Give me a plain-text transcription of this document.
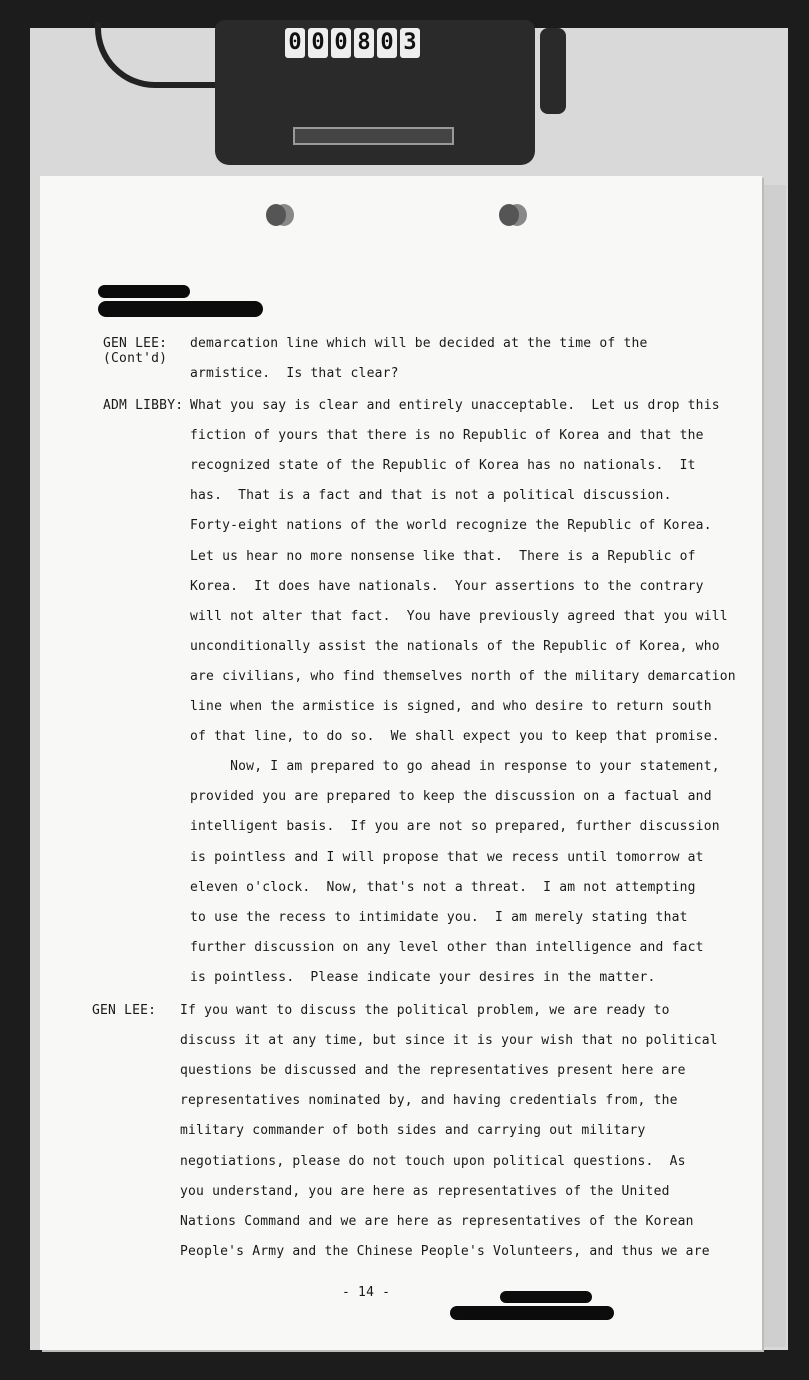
0 0 0 8 0 3
GEN LEE:
(Cont'd)
demarcation line which will be decided at the time of the
armistice.  Is that clear?
ADM LIBBY: What you say is clear and entirely unacceptable.  Let us drop this
fiction of yours that there is no Republic of Korea and that the
recognized state of the Republic of Korea has no nationals.  It
has.  That is a fact and that is not a political discussion.
Forty-eight nations of the world recognize the Republic of Korea.
Let us hear no more nonsense like that.  There is a Republic of
Korea.  It does have nationals.  Your assertions to the contrary
will not alter that fact.  You have previously agreed that you will
unconditionally assist the nationals of the Republic of Korea, who
are civilians, who find themselves north of the military demarcation
line when the armistice is signed, and who desire to return south
of that line, to do so.  We shall expect you to keep that promise.
Now, I am prepared to go ahead in response to your statement,
provided you are prepared to keep the discussion on a factual and
intelligent basis.  If you are not so prepared, further discussion
is pointless and I will propose that we recess until tomorrow at
eleven o'clock.  Now, that's not a threat.  I am not attempting
to use the recess to intimidate you.  I am merely stating that
further discussion on any level other than intelligence and fact
is pointless.  Please indicate your desires in the matter.
GEN LEE: If you want to discuss the political problem, we are ready to
discuss it at any time, but since it is your wish that no political
questions be discussed and the representatives present here are
representatives nominated by, and having credentials from, the
military commander of both sides and carrying out military
negotiations, please do not touch upon political questions.  As
you understand, you are here as representatives of the United
Nations Command and we are here as representatives of the Korean
People's Army and the Chinese People's Volunteers, and thus we are
- 14 -
